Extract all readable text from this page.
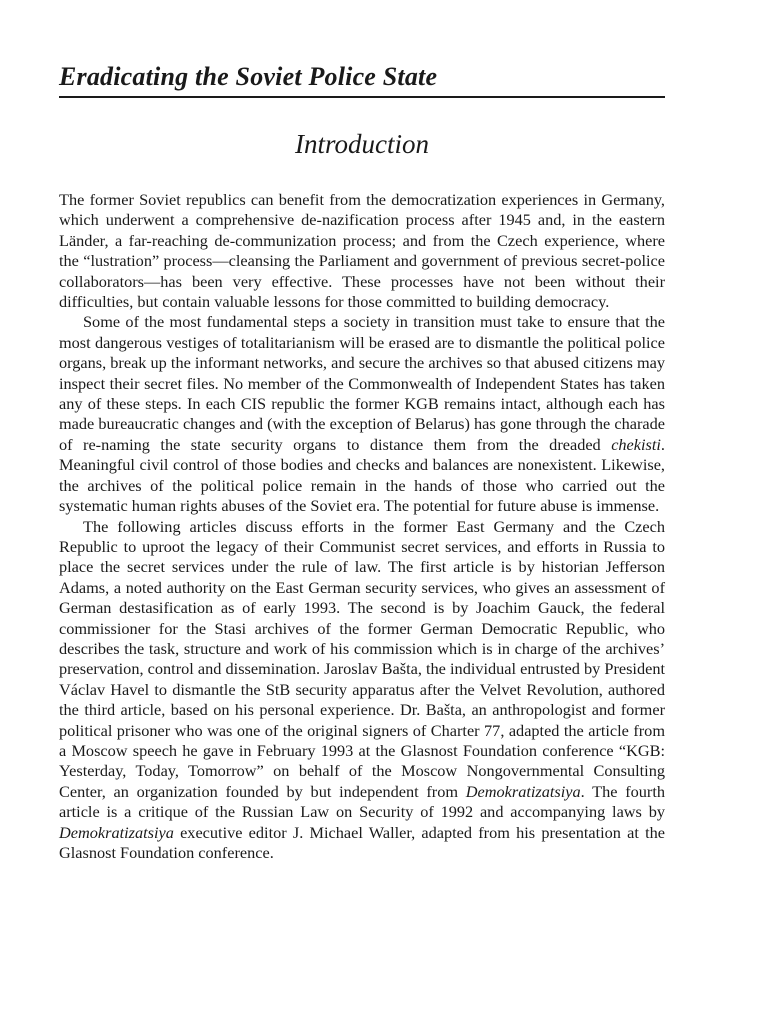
Eradicating the Soviet Police State
Introduction

The former Soviet republics can benefit from the democratization experiences in Germany, which underwent a comprehensive de-nazification process after 1945 and, in the eastern Länder, a far-reaching de-communization process; and from the Czech experience, where the “lustration” process—cleansing the Parliament and government of previous secret-police collaborators—has been very effective. These processes have not been without their difficulties, but contain valuable lessons for those committed to building democracy.

Some of the most fundamental steps a society in transition must take to ensure that the most dangerous vestiges of totalitarianism will be erased are to dismantle the political police organs, break up the informant networks, and secure the archives so that abused citizens may inspect their secret files. No member of the Commonwealth of Independent States has taken any of these steps. In each CIS republic the former KGB remains intact, although each has made bureaucratic changes and (with the exception of Belarus) has gone through the charade of re-naming the state security organs to distance them from the dreaded chekisti. Meaningful civil control of those bodies and checks and balances are nonexistent. Likewise, the archives of the political police remain in the hands of those who carried out the systematic human rights abuses of the Soviet era. The potential for future abuse is immense.

The following articles discuss efforts in the former East Germany and the Czech Republic to uproot the legacy of their Communist secret services, and efforts in Russia to place the secret services under the rule of law. The first article is by historian Jefferson Adams, a noted authority on the East German security services, who gives an assessment of German destasification as of early 1993. The second is by Joachim Gauck, the federal commissioner for the Stasi archives of the former German Democratic Republic, who describes the task, structure and work of his commission which is in charge of the archives’ preservation, control and dissemination. Jaroslav Bašta, the individual entrusted by President Václav Havel to dismantle the StB security apparatus after the Velvet Revolution, authored the third article, based on his personal experience. Dr. Bašta, an anthropologist and former political prisoner who was one of the original signers of Charter 77, adapted the article from a Moscow speech he gave in February 1993 at the Glasnost Foundation conference “KGB: Yesterday, Today, Tomorrow” on behalf of the Moscow Nongovernmental Consulting Center, an organization founded by but independent from Demokratizatsiya. The fourth article is a critique of the Russian Law on Security of 1992 and accompanying laws by Demokratizatsiya executive editor J. Michael Waller, adapted from his presentation at the Glasnost Foundation conference.
